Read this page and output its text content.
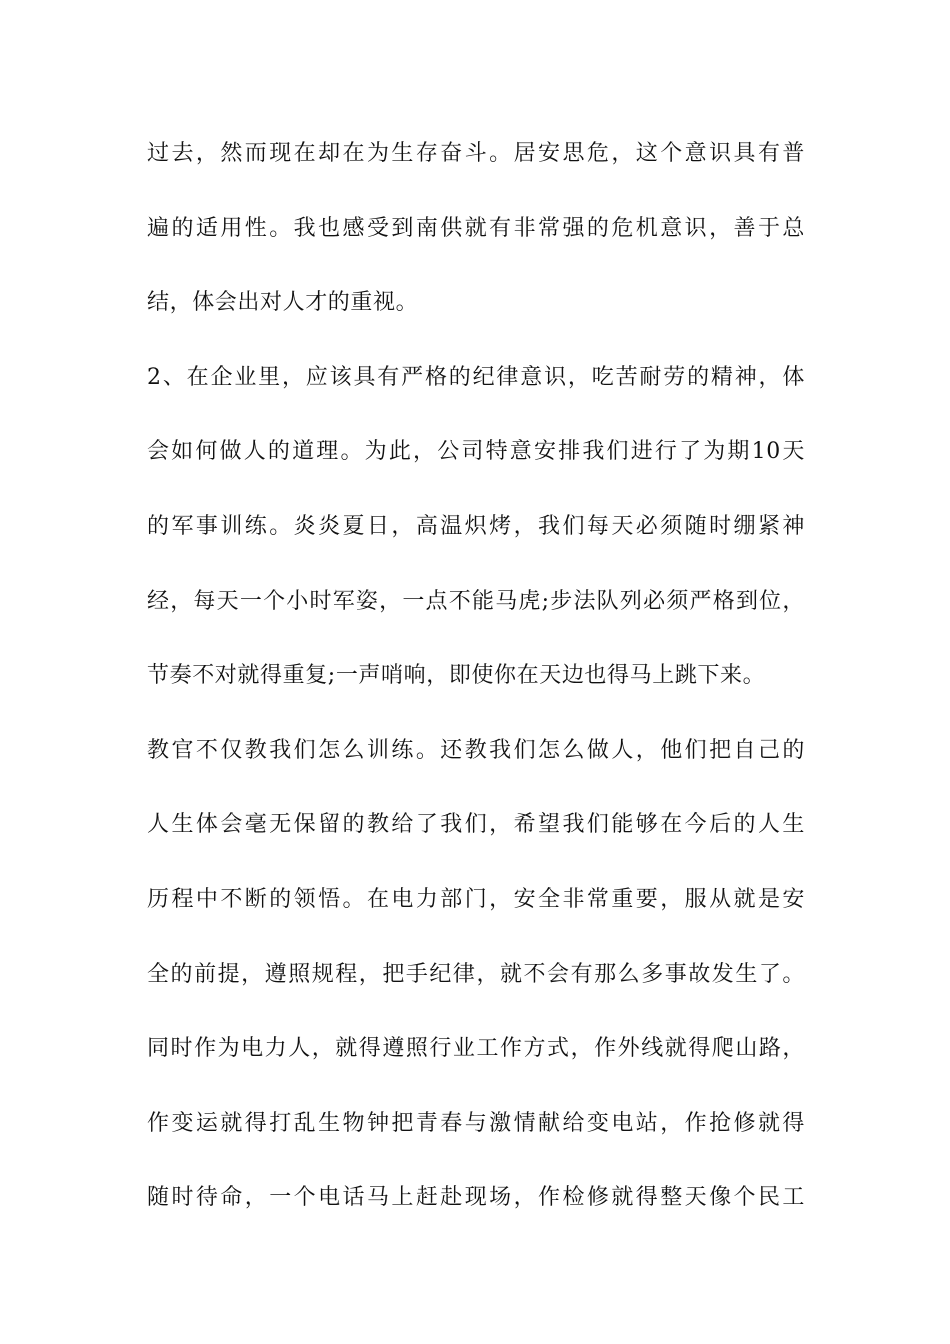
过去，然而现在却在为生存奋斗。居安思危，这个意识具有普
遍的适用性。我也感受到南供就有非常强的危机意识，善于总
结，体会出对人才的重视。
2、在企业里，应该具有严格的纪律意识，吃苦耐劳的精神，体
会如何做人的道理。为此，公司特意安排我们进行了为期10天
的军事训练。炎炎夏日，高温炽烤，我们每天必须随时绷紧神
经，每天一个小时军姿，一点不能马虎;步法队列必须严格到位，
节奏不对就得重复;一声哨响，即使你在天边也得马上跳下来。
教官不仅教我们怎么训练。还教我们怎么做人，他们把自己的
人生体会毫无保留的教给了我们，希望我们能够在今后的人生
历程中不断的领悟。在电力部门，安全非常重要，服从就是安
全的前提，遵照规程，把手纪律，就不会有那么多事故发生了。
同时作为电力人，就得遵照行业工作方式，作外线就得爬山路，
作变运就得打乱生物钟把青春与激情献给变电站，作抢修就得
随时待命，一个电话马上赶赴现场，作检修就得整天像个民工
